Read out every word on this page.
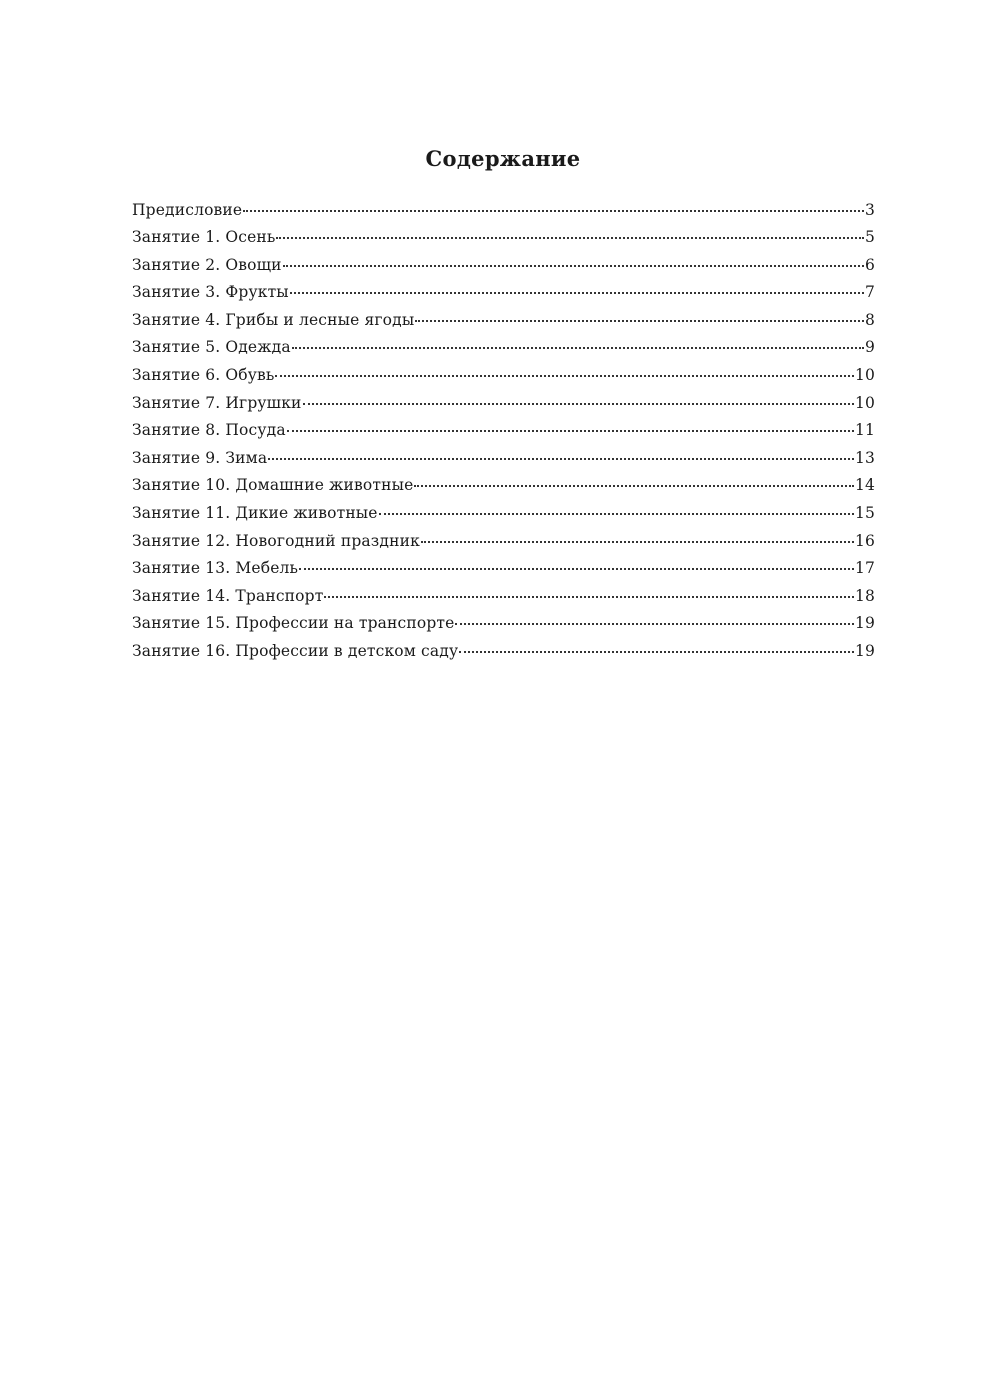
Содержание
Предисловие	3
Занятие 1. Осень	5
Занятие 2. Овощи	6
Занятие 3. Фрукты	7
Занятие 4. Грибы и лесные ягоды	8
Занятие 5. Одежда	9
Занятие 6. Обувь	10
Занятие 7. Игрушки	10
Занятие 8. Посуда	11
Занятие 9. Зима	13
Занятие 10. Домашние животные	14
Занятие 11. Дикие животные	15
Занятие 12. Новогодний праздник	16
Занятие 13. Мебель	17
Занятие 14. Транспорт	18
Занятие 15. Профессии на транспорте	19
Занятие 16. Профессии в детском саду	19
